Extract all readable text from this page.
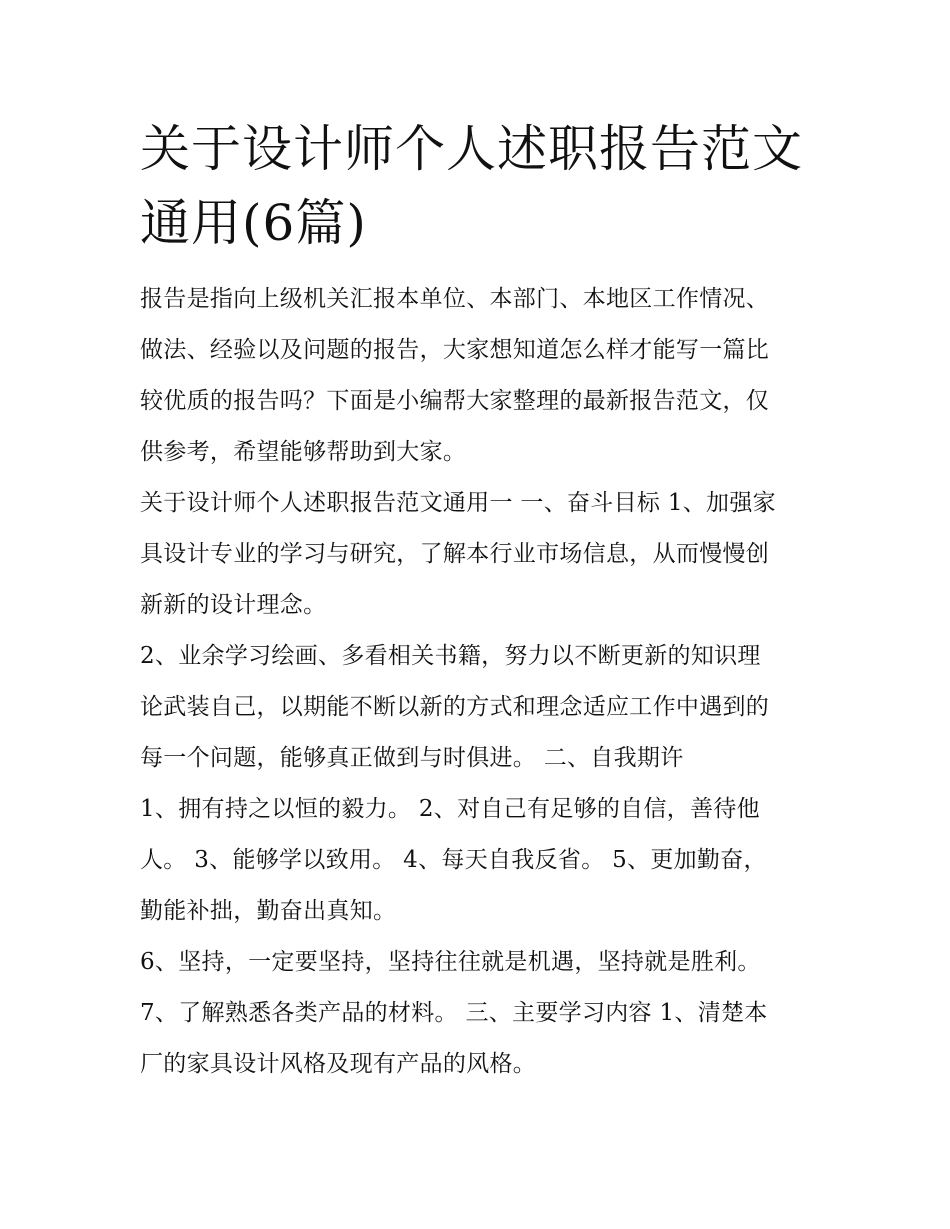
关于设计师个人述职报告范文
通用(6篇)

报告是指向上级机关汇报本单位、本部门、本地区工作情况、
做法、经验以及问题的报告，大家想知道怎么样才能写一篇比
较优质的报告吗？下面是小编帮大家整理的最新报告范文，仅
供参考，希望能够帮助到大家。

关于设计师个人述职报告范文通用一 一、奋斗目标 1、加强家
具设计专业的学习与研究，了解本行业市场信息，从而慢慢创
新新的设计理念。

2、业余学习绘画、多看相关书籍，努力以不断更新的知识理
论武装自己，以期能不断以新的方式和理念适应工作中遇到的
每一个问题，能够真正做到与时俱进。 二、自我期许

1、拥有持之以恒的毅力。 2、对自己有足够的自信，善待他
人。 3、能够学以致用。 4、每天自我反省。 5、更加勤奋，
勤能补拙，勤奋出真知。

6、坚持，一定要坚持，坚持往往就是机遇，坚持就是胜利。

7、了解熟悉各类产品的材料。 三、主要学习内容 1、清楚本
厂的家具设计风格及现有产品的风格。
